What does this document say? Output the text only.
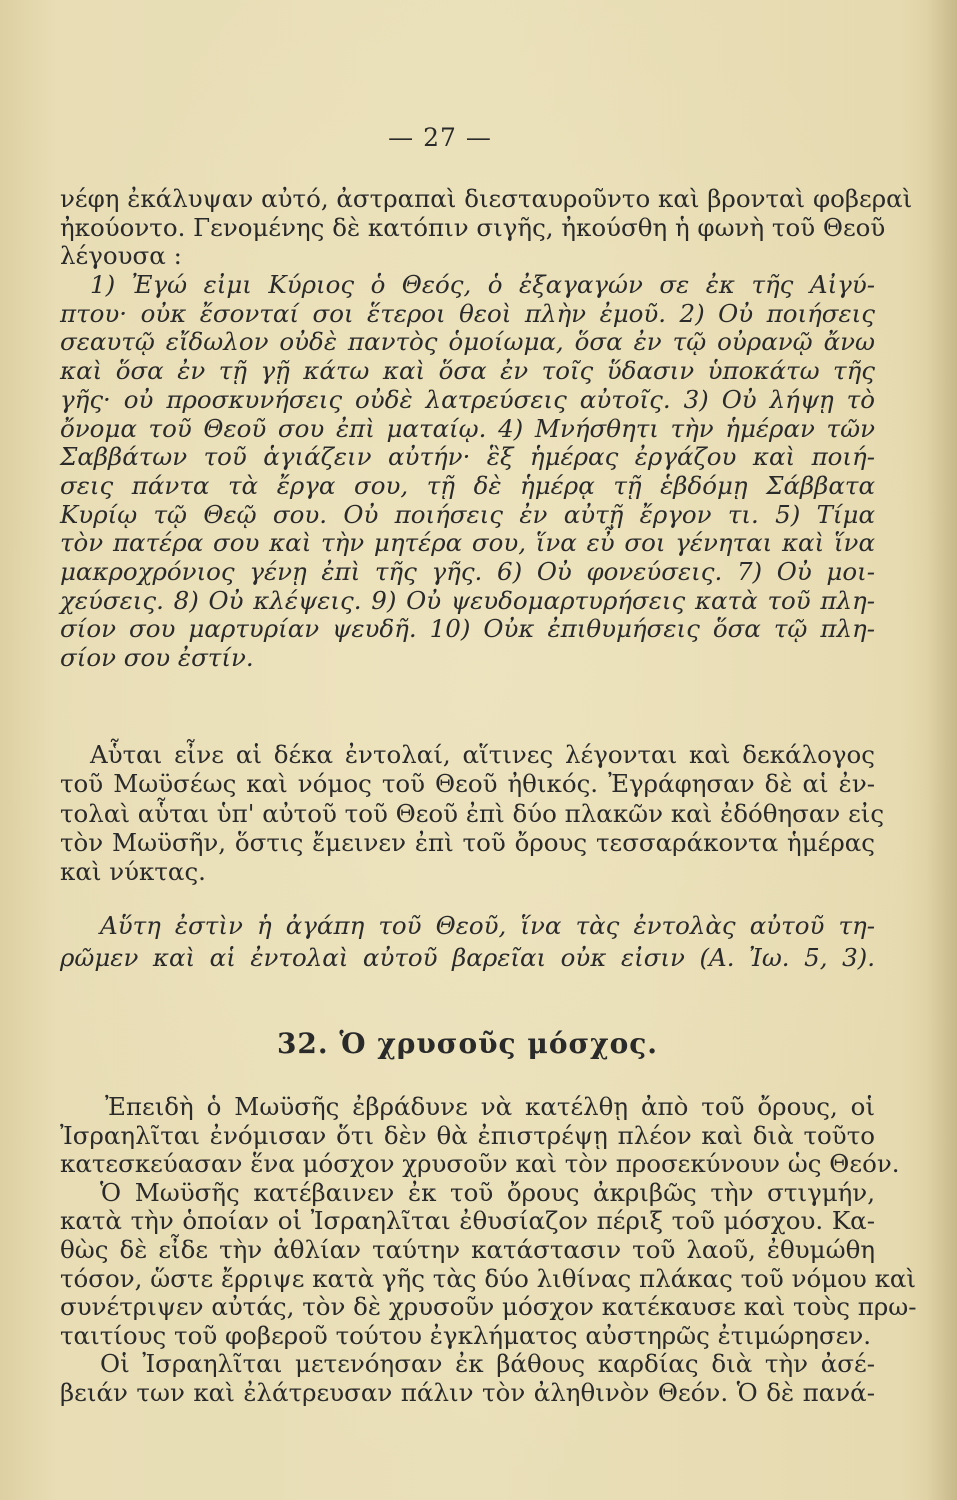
— 27 —
νέφη ἐκάλυψαν αὐτό, ἀστραπαὶ διεσταυροῦντο καὶ βρονταὶ φοβεραὶ
ἠκούοντο. Γενομένης δὲ κατόπιν σιγῆς, ἠκούσθη ἡ φωνὴ τοῦ Θεοῦ
λέγουσα :
1) Ἐγώ εἰμι Κύριος ὁ Θεός, ὁ ἐξαγαγών σε ἐκ τῆς Αἰγύ-
πτου· οὐκ ἔσονταί σοι ἕτεροι θεοὶ πλὴν ἐμοῦ. 2) Οὐ ποιήσεις
σεαυτῷ εἴδωλον οὐδὲ παντὸς ὁμοίωμα, ὅσα ἐν τῷ οὐρανῷ ἄνω
καὶ ὅσα ἐν τῇ γῇ κάτω καὶ ὅσα ἐν τοῖς ὕδασιν ὑποκάτω τῆς
γῆς· οὐ προσκυνήσεις οὐδὲ λατρεύσεις αὐτοῖς. 3) Οὐ λήψῃ τὸ
ὄνομα τοῦ Θεοῦ σου ἐπὶ ματαίῳ. 4) Μνήσθητι τὴν ἡμέραν τῶν
Σαββάτων τοῦ ἁγιάζειν αὐτήν· ἓξ ἡμέρας ἐργάζου καὶ ποιή-
σεις πάντα τὰ ἔργα σου, τῇ δὲ ἡμέρᾳ τῇ ἑβδόμῃ Σάββατα
Κυρίῳ τῷ Θεῷ σου. Οὐ ποιήσεις ἐν αὐτῇ ἔργον τι. 5) Τίμα
τὸν πατέρα σου καὶ τὴν μητέρα σου, ἵνα εὖ σοι γένηται καὶ ἵνα
μακροχρόνιος γένῃ ἐπὶ τῆς γῆς. 6) Οὐ φονεύσεις. 7) Οὐ μοι-
χεύσεις. 8) Οὐ κλέψεις. 9) Οὐ ψευδομαρτυρήσεις κατὰ τοῦ πλη-
σίον σου μαρτυρίαν ψευδῆ. 10) Οὐκ ἐπιθυμήσεις ὅσα τῷ πλη-
σίον σου ἐστίν.
Αὗται εἶνε αἱ δέκα ἐντολαί, αἵτινες λέγονται καὶ δεκάλογος
τοῦ Μωϋσέως καὶ νόμος τοῦ Θεοῦ ἠθικός. Ἐγράφησαν δὲ αἱ ἐν-
τολαὶ αὗται ὑπ' αὐτοῦ τοῦ Θεοῦ ἐπὶ δύο πλακῶν καὶ ἐδόθησαν εἰς
τὸν Μωϋσῆν, ὅστις ἔμεινεν ἐπὶ τοῦ ὄρους τεσσαράκοντα ἡμέρας
καὶ νύκτας.
Αὕτη ἐστὶν ἡ ἀγάπη τοῦ Θεοῦ, ἵνα τὰς ἐντολὰς αὐτοῦ τη-
ρῶμεν καὶ αἱ ἐντολαὶ αὐτοῦ βαρεῖαι οὐκ εἰσιν (Α. Ἰω. 5, 3).
32. Ὁ χρυσοῦς μόσχος.
Ἐπειδὴ ὁ Μωϋσῆς ἐβράδυνε νὰ κατέλθῃ ἀπὸ τοῦ ὄρους, οἱ
Ἰσραηλῖται ἐνόμισαν ὅτι δὲν θὰ ἐπιστρέψῃ πλέον καὶ διὰ τοῦτο
κατεσκεύασαν ἕνα μόσχον χρυσοῦν καὶ τὸν προσεκύνουν ὡς Θεόν.
Ὁ Μωϋσῆς κατέβαινεν ἐκ τοῦ ὄρους ἀκριβῶς τὴν στιγμήν,
κατὰ τὴν ὁποίαν οἱ Ἰσραηλῖται ἐθυσίαζον πέριξ τοῦ μόσχου. Κα-
θὼς δὲ εἶδε τὴν ἀθλίαν ταύτην κατάστασιν τοῦ λαοῦ, ἐθυμώθη
τόσον, ὥστε ἔρριψε κατὰ γῆς τὰς δύο λιθίνας πλάκας τοῦ νόμου καὶ
συνέτριψεν αὐτάς, τὸν δὲ χρυσοῦν μόσχον κατέκαυσε καὶ τοὺς πρω-
ταιτίους τοῦ φοβεροῦ τούτου ἐγκλήματος αὐστηρῶς ἐτιμώρησεν.
Οἱ Ἰσραηλῖται μετενόησαν ἐκ βάθους καρδίας διὰ τὴν ἀσέ-
βειάν των καὶ ἐλάτρευσαν πάλιν τὸν ἀληθινὸν Θεόν. Ὁ δὲ πανά-
